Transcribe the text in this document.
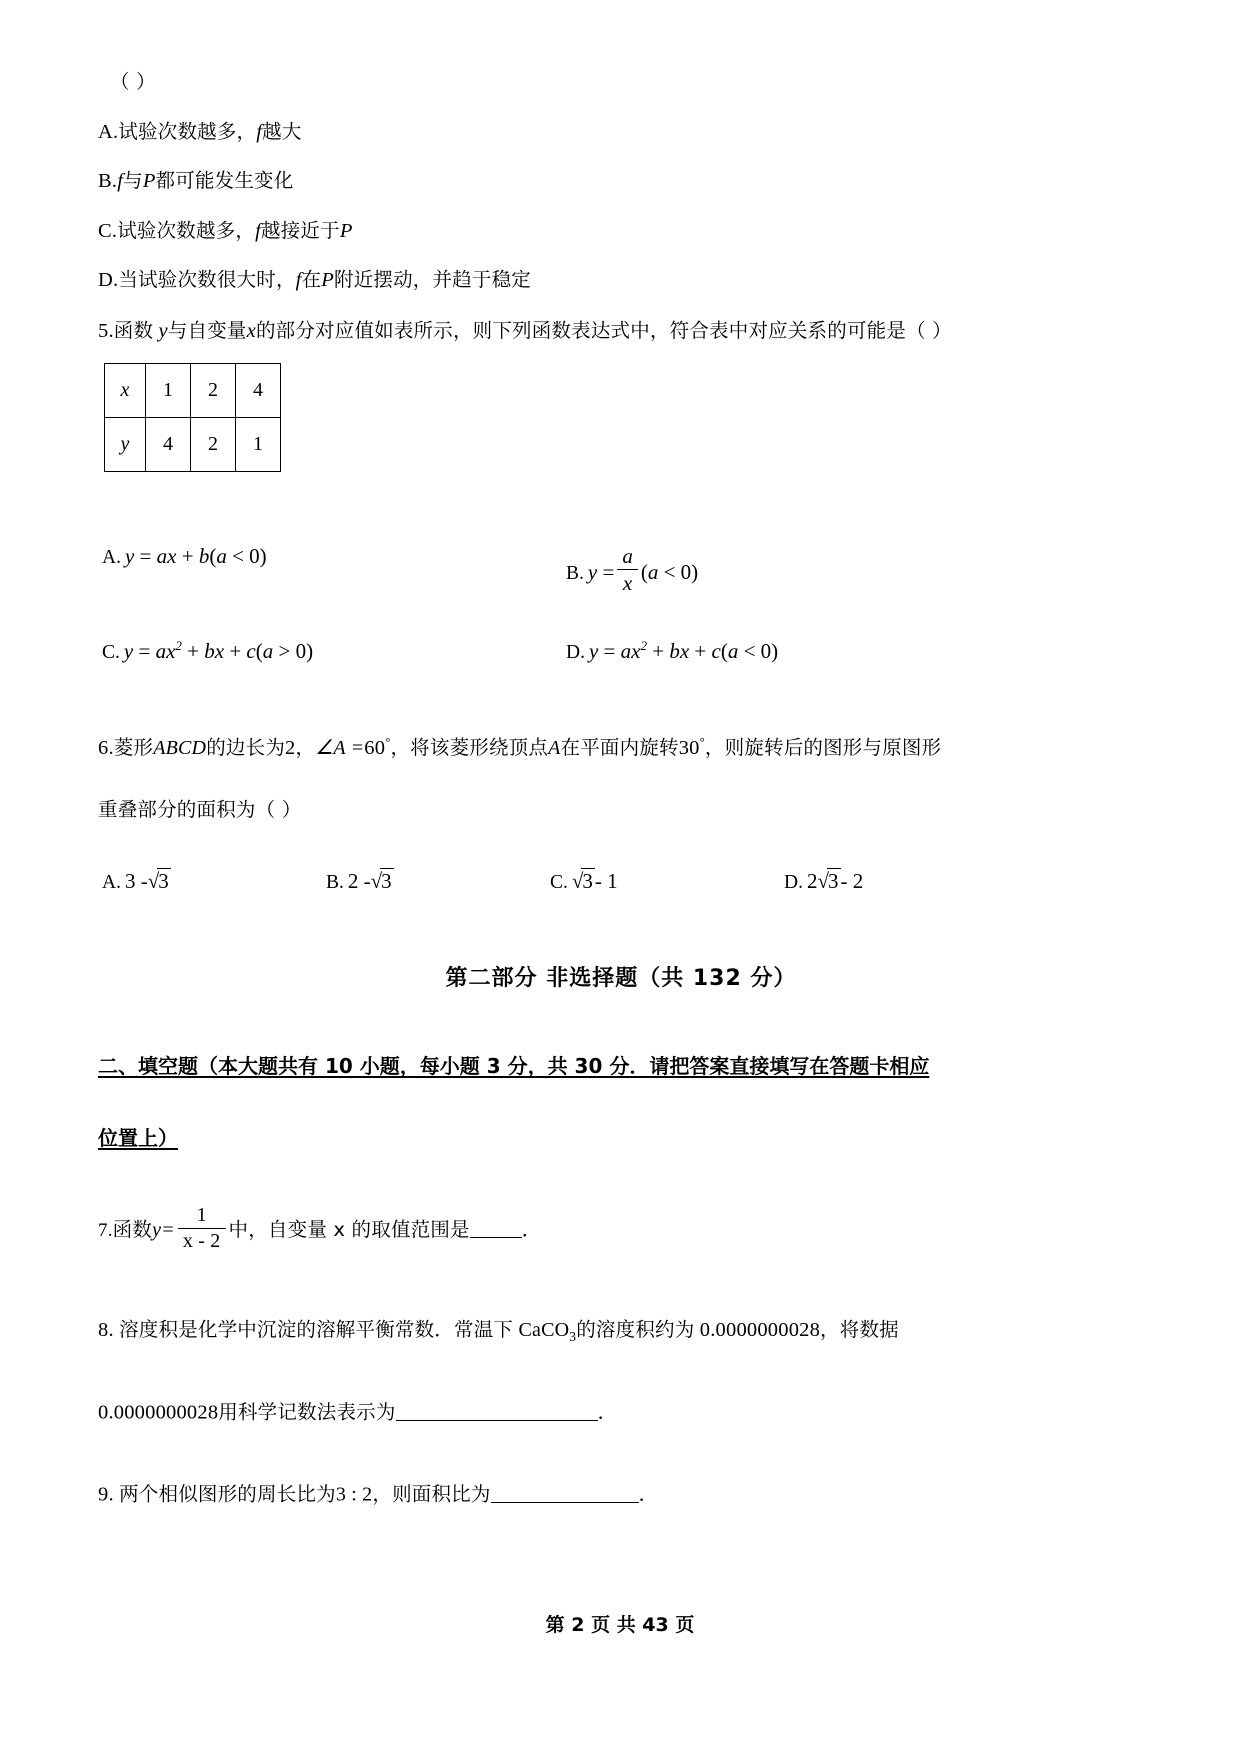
（ ）
A.试验次数越多，f越大
B.f与P都可能发生变化
C.试验次数越多，f越接近于P
D.当试验次数很大时，f在P附近摆动，并趋于稳定
5.函数 y与自变量x的部分对应值如表所示，则下列函数表达式中，符合表中对应关系的可能是（ ）
x	1	2	4
y	4	2	1
A. y = ax + b(a < 0)
B. $y = \frac{a}{x} (a < 0)$
C. $y = ax^2$ + bx + c(a > 0)	D. $y = ax^2$ + bx + c(a < 0)
6.菱形ABCD的边长为2，∠A =60°，将该菱形绕顶点A在平面内旋转30°，则旋转后的图形与原图形
重叠部分的面积为（ ）
A. 3 -√3	B. 2 -√3	C. √3- 1	D. 2√3- 2
第二部分 非选择题（共 132 分）
二、填空题（本大题共有 10 小题，每小题 3 分，共 30 分．请把答案直接填写在答题卡相应
位置上）
7.函数$y= \frac{1}{x - 2}$ 中，自变量 x 的取值范围是	．
8. 溶度积是化学中沉淀的溶解平衡常数．常温下 CaCO$_3$的溶度积约为 0.0000000028，将数据
0.0000000028用科学记数法表示为	．
9. 两个相似图形的周长比为3 : 2，则面积比为	．
第 2 页 共 43 页
